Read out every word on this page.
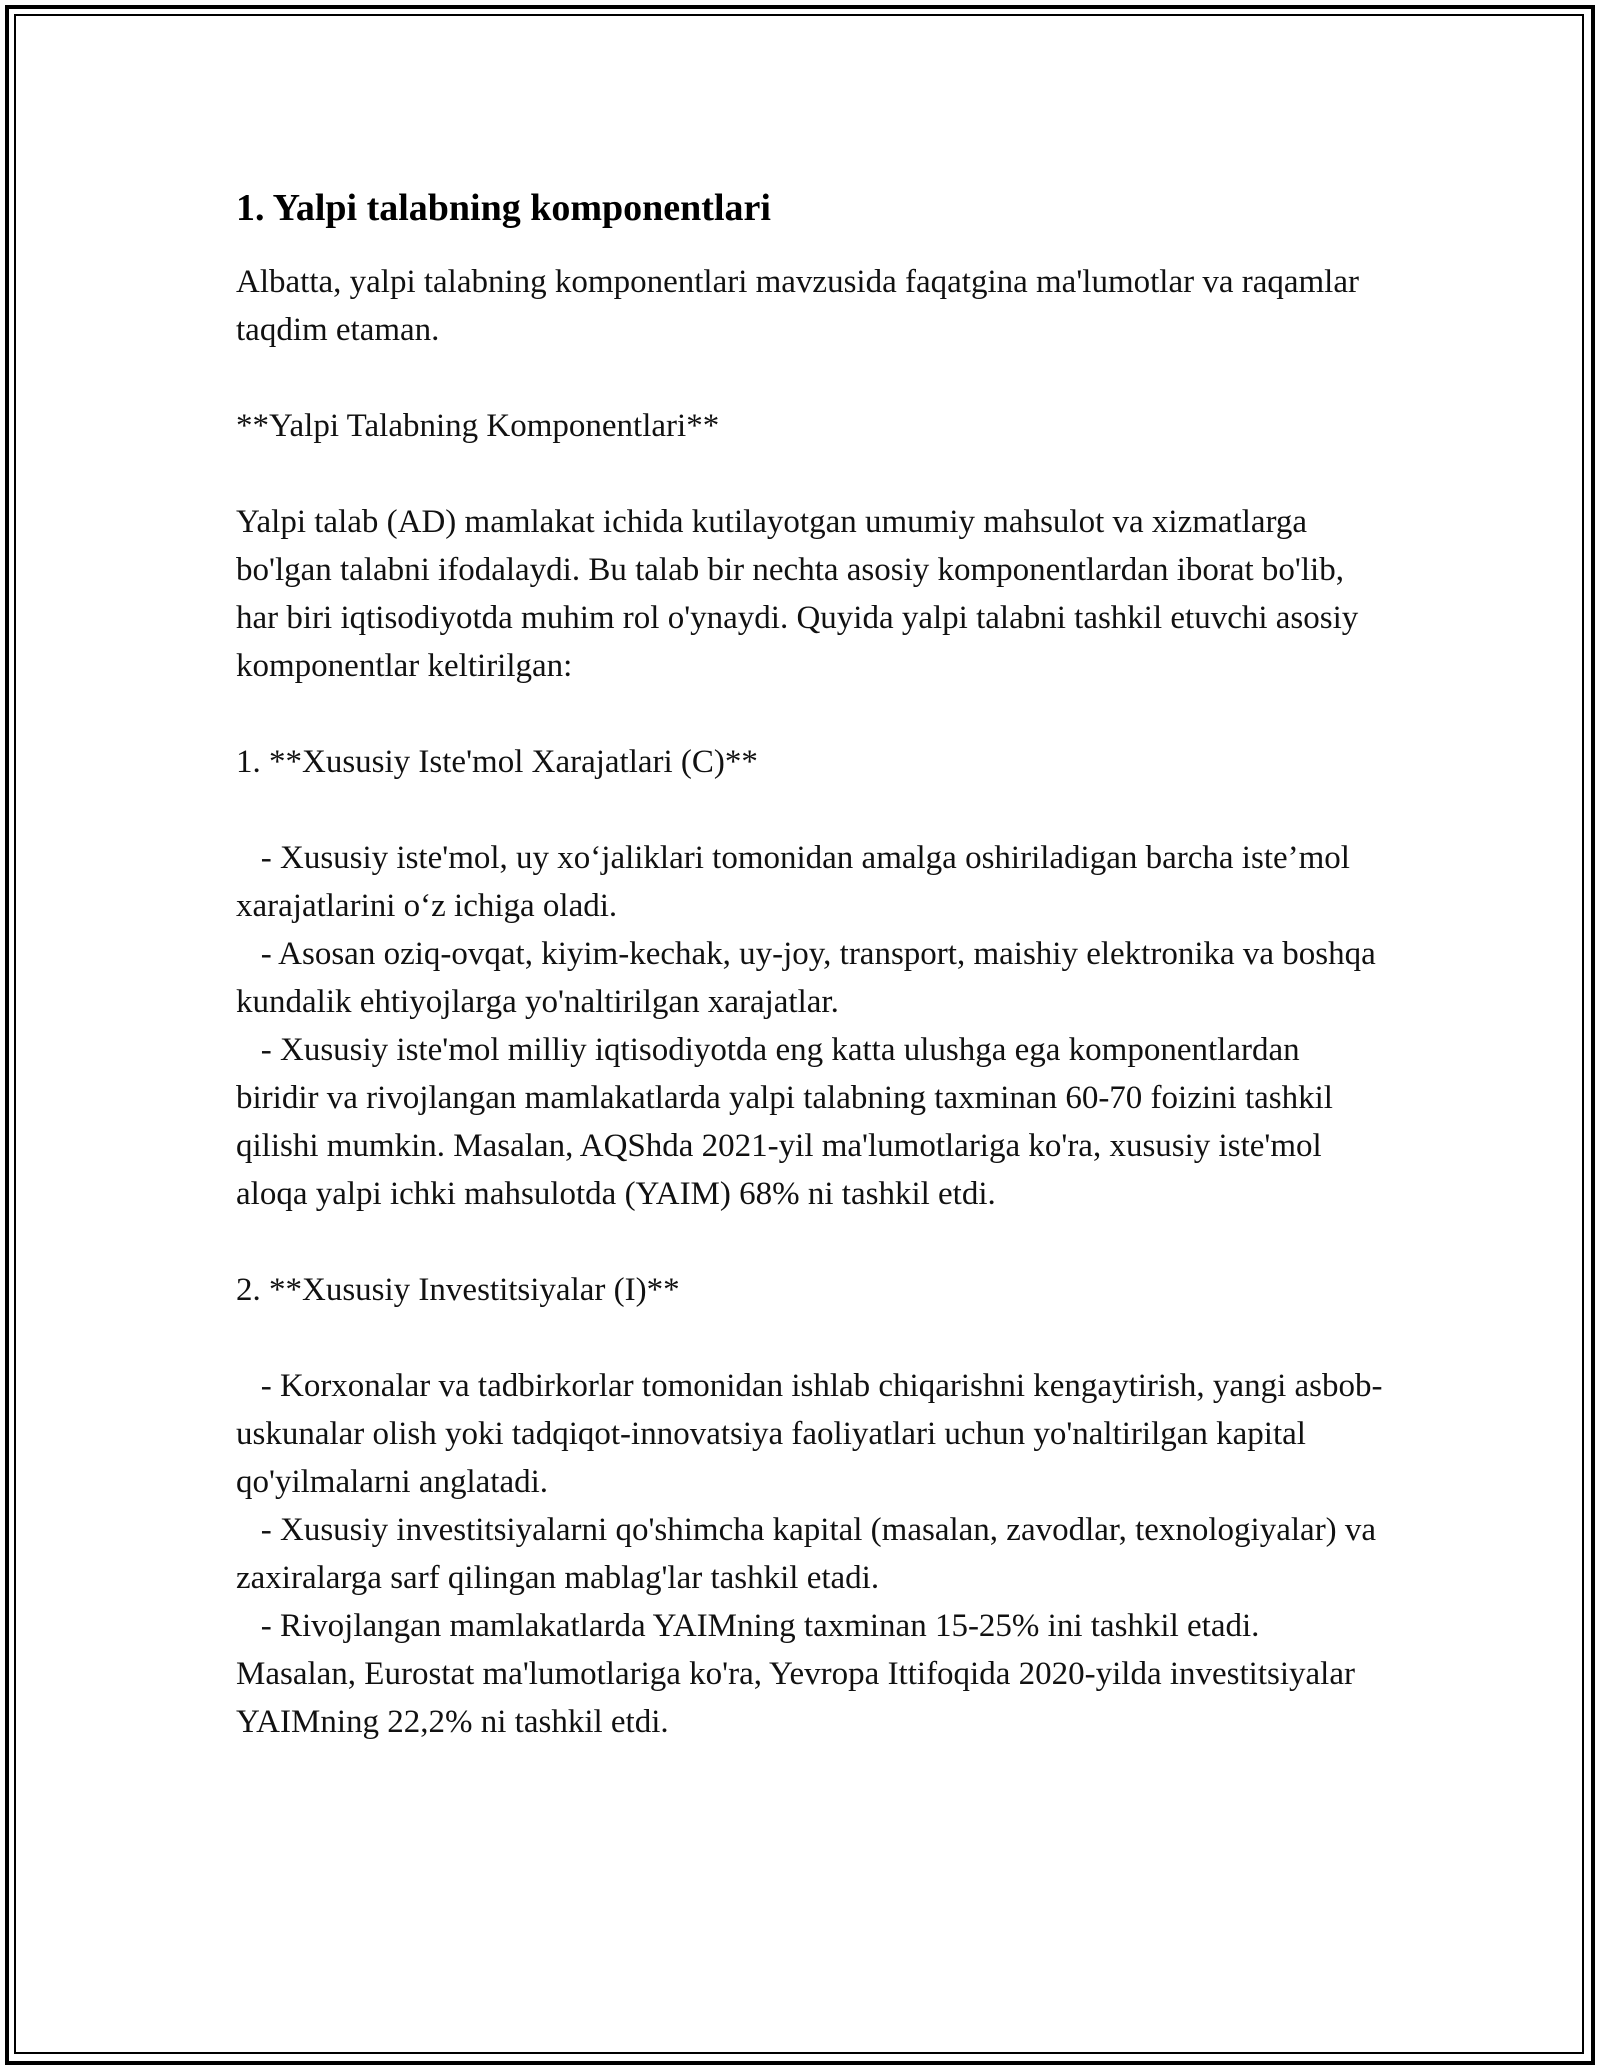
1. Yalpi talabning komponentlari

Albatta, yalpi talabning komponentlari mavzusida faqatgina ma'lumotlar va raqamlar taqdim etaman.

**Yalpi Talabning Komponentlari**

Yalpi talab (AD) mamlakat ichida kutilayotgan umumiy mahsulot va xizmatlarga bo'lgan talabni ifodalaydi. Bu talab bir nechta asosiy komponentlardan iborat bo'lib, har biri iqtisodiyotda muhim rol o'ynaydi. Quyida yalpi talabni tashkil etuvchi asosiy komponentlar keltirilgan:

1. **Xususiy Iste'mol Xarajatlari (C)**

- Xususiy iste'mol, uy xo‘jaliklari tomonidan amalga oshiriladigan barcha iste’mol xarajatlarini o‘z ichiga oladi.

- Asosan oziq-ovqat, kiyim-kechak, uy-joy, transport, maishiy elektronika va boshqa kundalik ehtiyojlarga yo'naltirilgan xarajatlar.

- Xususiy iste'mol milliy iqtisodiyotda eng katta ulushga ega komponentlardan biridir va rivojlangan mamlakatlarda yalpi talabning taxminan 60-70 foizini tashkil qilishi mumkin. Masalan, AQShda 2021-yil ma'lumotlariga ko'ra, xususiy iste'mol aloqa yalpi ichki mahsulotda (YAIM) 68% ni tashkil etdi.

2. **Xususiy Investitsiyalar (I)**

- Korxonalar va tadbirkorlar tomonidan ishlab chiqarishni kengaytirish, yangi asbob-uskunalar olish yoki tadqiqot-innovatsiya faoliyatlari uchun yo'naltirilgan kapital qo'yilmalarni anglatadi.

- Xususiy investitsiyalarni qo'shimcha kapital (masalan, zavodlar, texnologiyalar) va zaxiralarga sarf qilingan mablag'lar tashkil etadi.

- Rivojlangan mamlakatlarda YAIMning taxminan 15-25% ini tashkil etadi. Masalan, Eurostat ma'lumotlariga ko'ra, Yevropa Ittifoqida 2020-yilda investitsiyalar YAIMning 22,2% ni tashkil etdi.
